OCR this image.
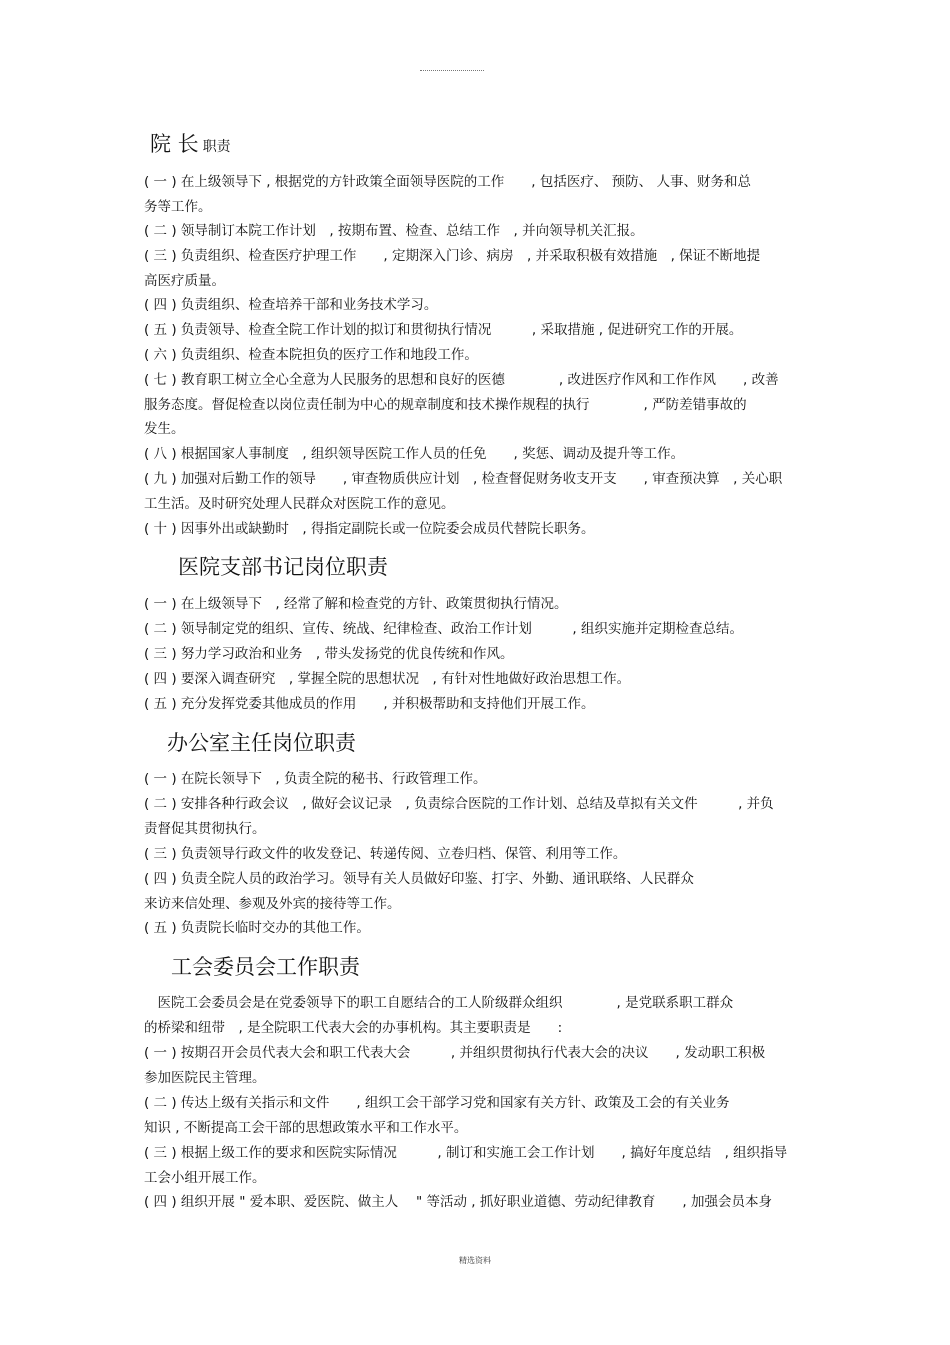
院 长 职责
( 一 ) 在上级领导下 , 根据党的方针政策全面领导医院的工作　　, 包括医疗、 预防、 人事、财务和总
务等工作。
( 二 ) 领导制订本院工作计划　, 按期布置、检查、总结工作　, 并向领导机关汇报。
( 三 ) 负责组织、检查医疗护理工作　　, 定期深入门诊、病房　, 并采取积极有效措施　, 保证不断地提
高医疗质量。
( 四 ) 负责组织、检查培养干部和业务技术学习。
( 五 ) 负责领导、检查全院工作计划的拟订和贯彻执行情况　　　, 采取措施 , 促进研究工作的开展。
( 六 ) 负责组织、检查本院担负的医疗工作和地段工作。
( 七 ) 教育职工树立全心全意为人民服务的思想和良好的医德　　　　, 改进医疗作风和工作作风　　, 改善
服务态度。督促检查以岗位责任制为中心的规章制度和技术操作规程的执行　　　　, 严防差错事故的
发生。
( 八 ) 根据国家人事制度　, 组织领导医院工作人员的任免　　, 奖惩、调动及提升等工作。
( 九 ) 加强对后勤工作的领导　　, 审查物质供应计划　, 检查督促财务收支开支　　, 审查预决算　, 关心职
工生活。及时研究处理人民群众对医院工作的意见。
( 十 ) 因事外出或缺勤时　, 得指定副院长或一位院委会成员代替院长职务。
医院支部书记岗位职责
( 一 ) 在上级领导下　, 经常了解和检查党的方针、政策贯彻执行情况。
( 二 ) 领导制定党的组织、宣传、统战、纪律检查、政治工作计划　　　, 组织实施并定期检查总结。
( 三 ) 努力学习政治和业务　, 带头发扬党的优良传统和作风。
( 四 ) 要深入调查研究　, 掌握全院的思想状况　, 有针对性地做好政治思想工作。
( 五 ) 充分发挥党委其他成员的作用　　, 并积极帮助和支持他们开展工作。
办公室主任岗位职责
( 一 ) 在院长领导下　, 负责全院的秘书、行政管理工作。
( 二 ) 安排各种行政会议　, 做好会议记录　, 负责综合医院的工作计划、总结及草拟有关文件　　　, 并负
责督促其贯彻执行。
( 三 ) 负责领导行政文件的收发登记、转递传阅、立卷归档、保管、利用等工作。
( 四 ) 负责全院人员的政治学习。领导有关人员做好印鉴、打字、外勤、通讯联络、人民群众
来访来信处理、参观及外宾的接待等工作。
( 五 ) 负责院长临时交办的其他工作。
工会委员会工作职责
　医院工会委员会是在党委领导下的职工自愿结合的工人阶级群众组织　　　　, 是党联系职工群众
的桥梁和纽带　, 是全院职工代表大会的办事机构。其主要职责是　　:
( 一 ) 按期召开会员代表大会和职工代表大会　　　, 并组织贯彻执行代表大会的决议　　, 发动职工积极
参加医院民主管理。
( 二 ) 传达上级有关指示和文件　　, 组织工会干部学习党和国家有关方针、政策及工会的有关业务
知识 , 不断提高工会干部的思想政策水平和工作水平。
( 三 ) 根据上级工作的要求和医院实际情况　　　, 制订和实施工会工作计划　　, 搞好年度总结　, 组织指导
工会小组开展工作。
( 四 ) 组织开展 " 爱本职、爱医院、做主人　 " 等活动 , 抓好职业道德、劳动纪律教育　　, 加强会员本身
精选资料
